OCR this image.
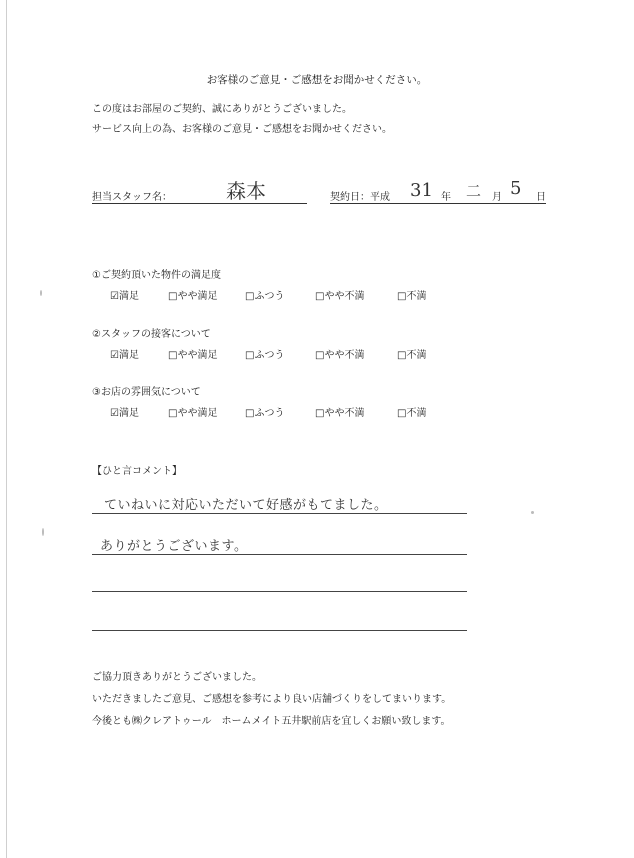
お客様のご意見・ご感想をお聞かせください。
この度はお部屋のご契約、誠にありがとうございました。
サービス向上の為、お客様のご意見・ご感想をお聞かせください。
担当スタッフ名：	森本	契約日：平成 31 年 二 月 5 日
①ご契約頂いた物件の満足度
☑満足	□やや満足	□ふつう	□やや不満	□不満
②スタッフの接客について
☑満足	□やや満足	□ふつう	□やや不満	□不満
③お店の雰囲気について
☑満足	□やや満足	□ふつう	□やや不満	□不満
【ひと言コメント】
ていねいに対応いただいて好感がもてました。
ありがとうございます。
ご協力頂きありがとうございました。
いただきましたご意見、ご感想を参考により良い店舗づくりをしてまいります。
今後とも㈱クレアトゥール　ホームメイト五井駅前店を宜しくお願い致します。
